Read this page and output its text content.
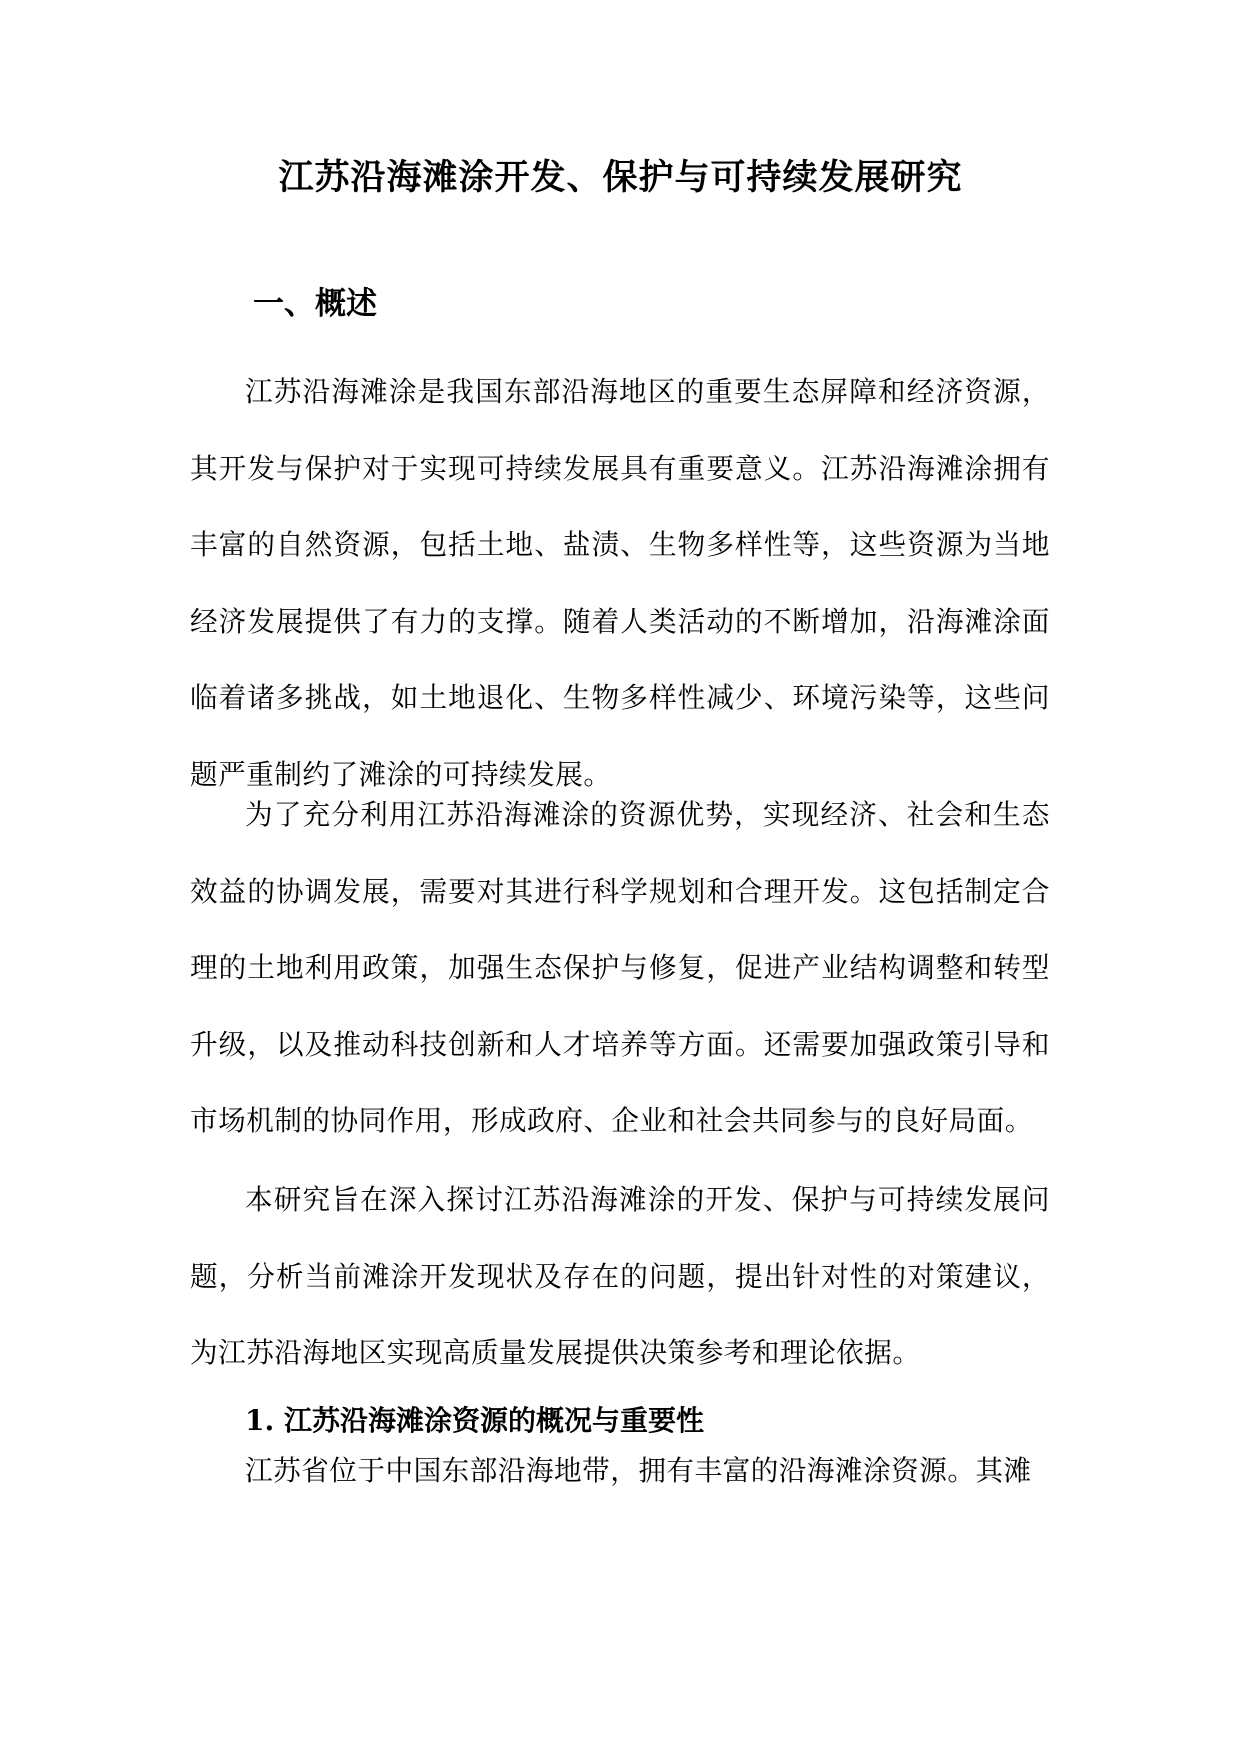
江苏沿海滩涂开发、保护与可持续发展研究
一、概述

江苏沿海滩涂是我国东部沿海地区的重要生态屏障和经济资源，其开发与保护对于实现可持续发展具有重要意义。江苏沿海滩涂拥有丰富的自然资源，包括土地、盐渍、生物多样性等，这些资源为当地经济发展提供了有力的支撑。随着人类活动的不断增加，沿海滩涂面临着诸多挑战，如土地退化、生物多样性减少、环境污染等，这些问题严重制约了滩涂的可持续发展。

为了充分利用江苏沿海滩涂的资源优势，实现经济、社会和生态效益的协调发展，需要对其进行科学规划和合理开发。这包括制定合理的土地利用政策，加强生态保护与修复，促进产业结构调整和转型升级，以及推动科技创新和人才培养等方面。还需要加强政策引导和市场机制的协同作用，形成政府、企业和社会共同参与的良好局面。

本研究旨在深入探讨江苏沿海滩涂的开发、保护与可持续发展问题，分析当前滩涂开发现状及存在的问题，提出针对性的对策建议，为江苏沿海地区实现高质量发展提供决策参考和理论依据。

1. 江苏沿海滩涂资源的概况与重要性

江苏省位于中国东部沿海地带，拥有丰富的沿海滩涂资源。其滩
